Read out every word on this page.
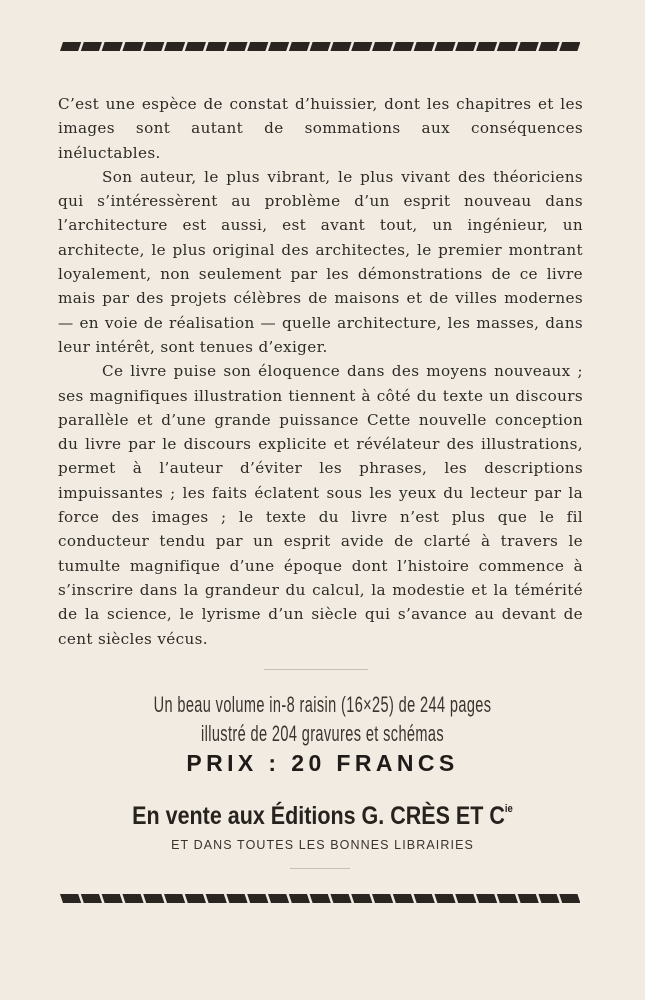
C’est une espèce de constat d’huissier, dont les chapitres et les images sont autant de sommations aux conséquences inéluctables.

Son auteur, le plus vibrant, le plus vivant des théoriciens qui s’intéressèrent au problème d’un esprit nouveau dans l’architecture est aussi, est avant tout, un ingénieur, un architecte, le plus original des architectes, le premier montrant loyalement, non seulement par les démonstrations de ce livre mais par des projets célèbres de maisons et de villes modernes — en voie de réalisation — quelle architecture, les masses, dans leur intérêt, sont tenues d’exiger.

Ce livre puise son éloquence dans des moyens nouveaux ; ses magnifiques illustration tiennent à côté du texte un discours parallèle et d’une grande puissance Cette nouvelle conception du livre par le discours explicite et révélateur des illustrations, permet à l’auteur d’éviter les phrases, les descriptions impuissantes ; les faits éclatent sous les yeux du lecteur par la force des images ; le texte du livre n’est plus que le fil conducteur tendu par un esprit avide de clarté à travers le tumulte magnifique d’une époque dont l’histoire commence à s’inscrire dans la grandeur du calcul, la modestie et la témérité de la science, le lyrisme d’un siècle qui s’avance au devant de cent siècles vécus.

Un beau volume in-8 raisin (16×25) de 244 pages
illustré de 204 gravures et schémas
PRIX : 20 FRANCS
En vente aux Éditions G. CRÈS ET $C^{ie}$
ET DANS TOUTES LES BONNES LIBRAIRIES
